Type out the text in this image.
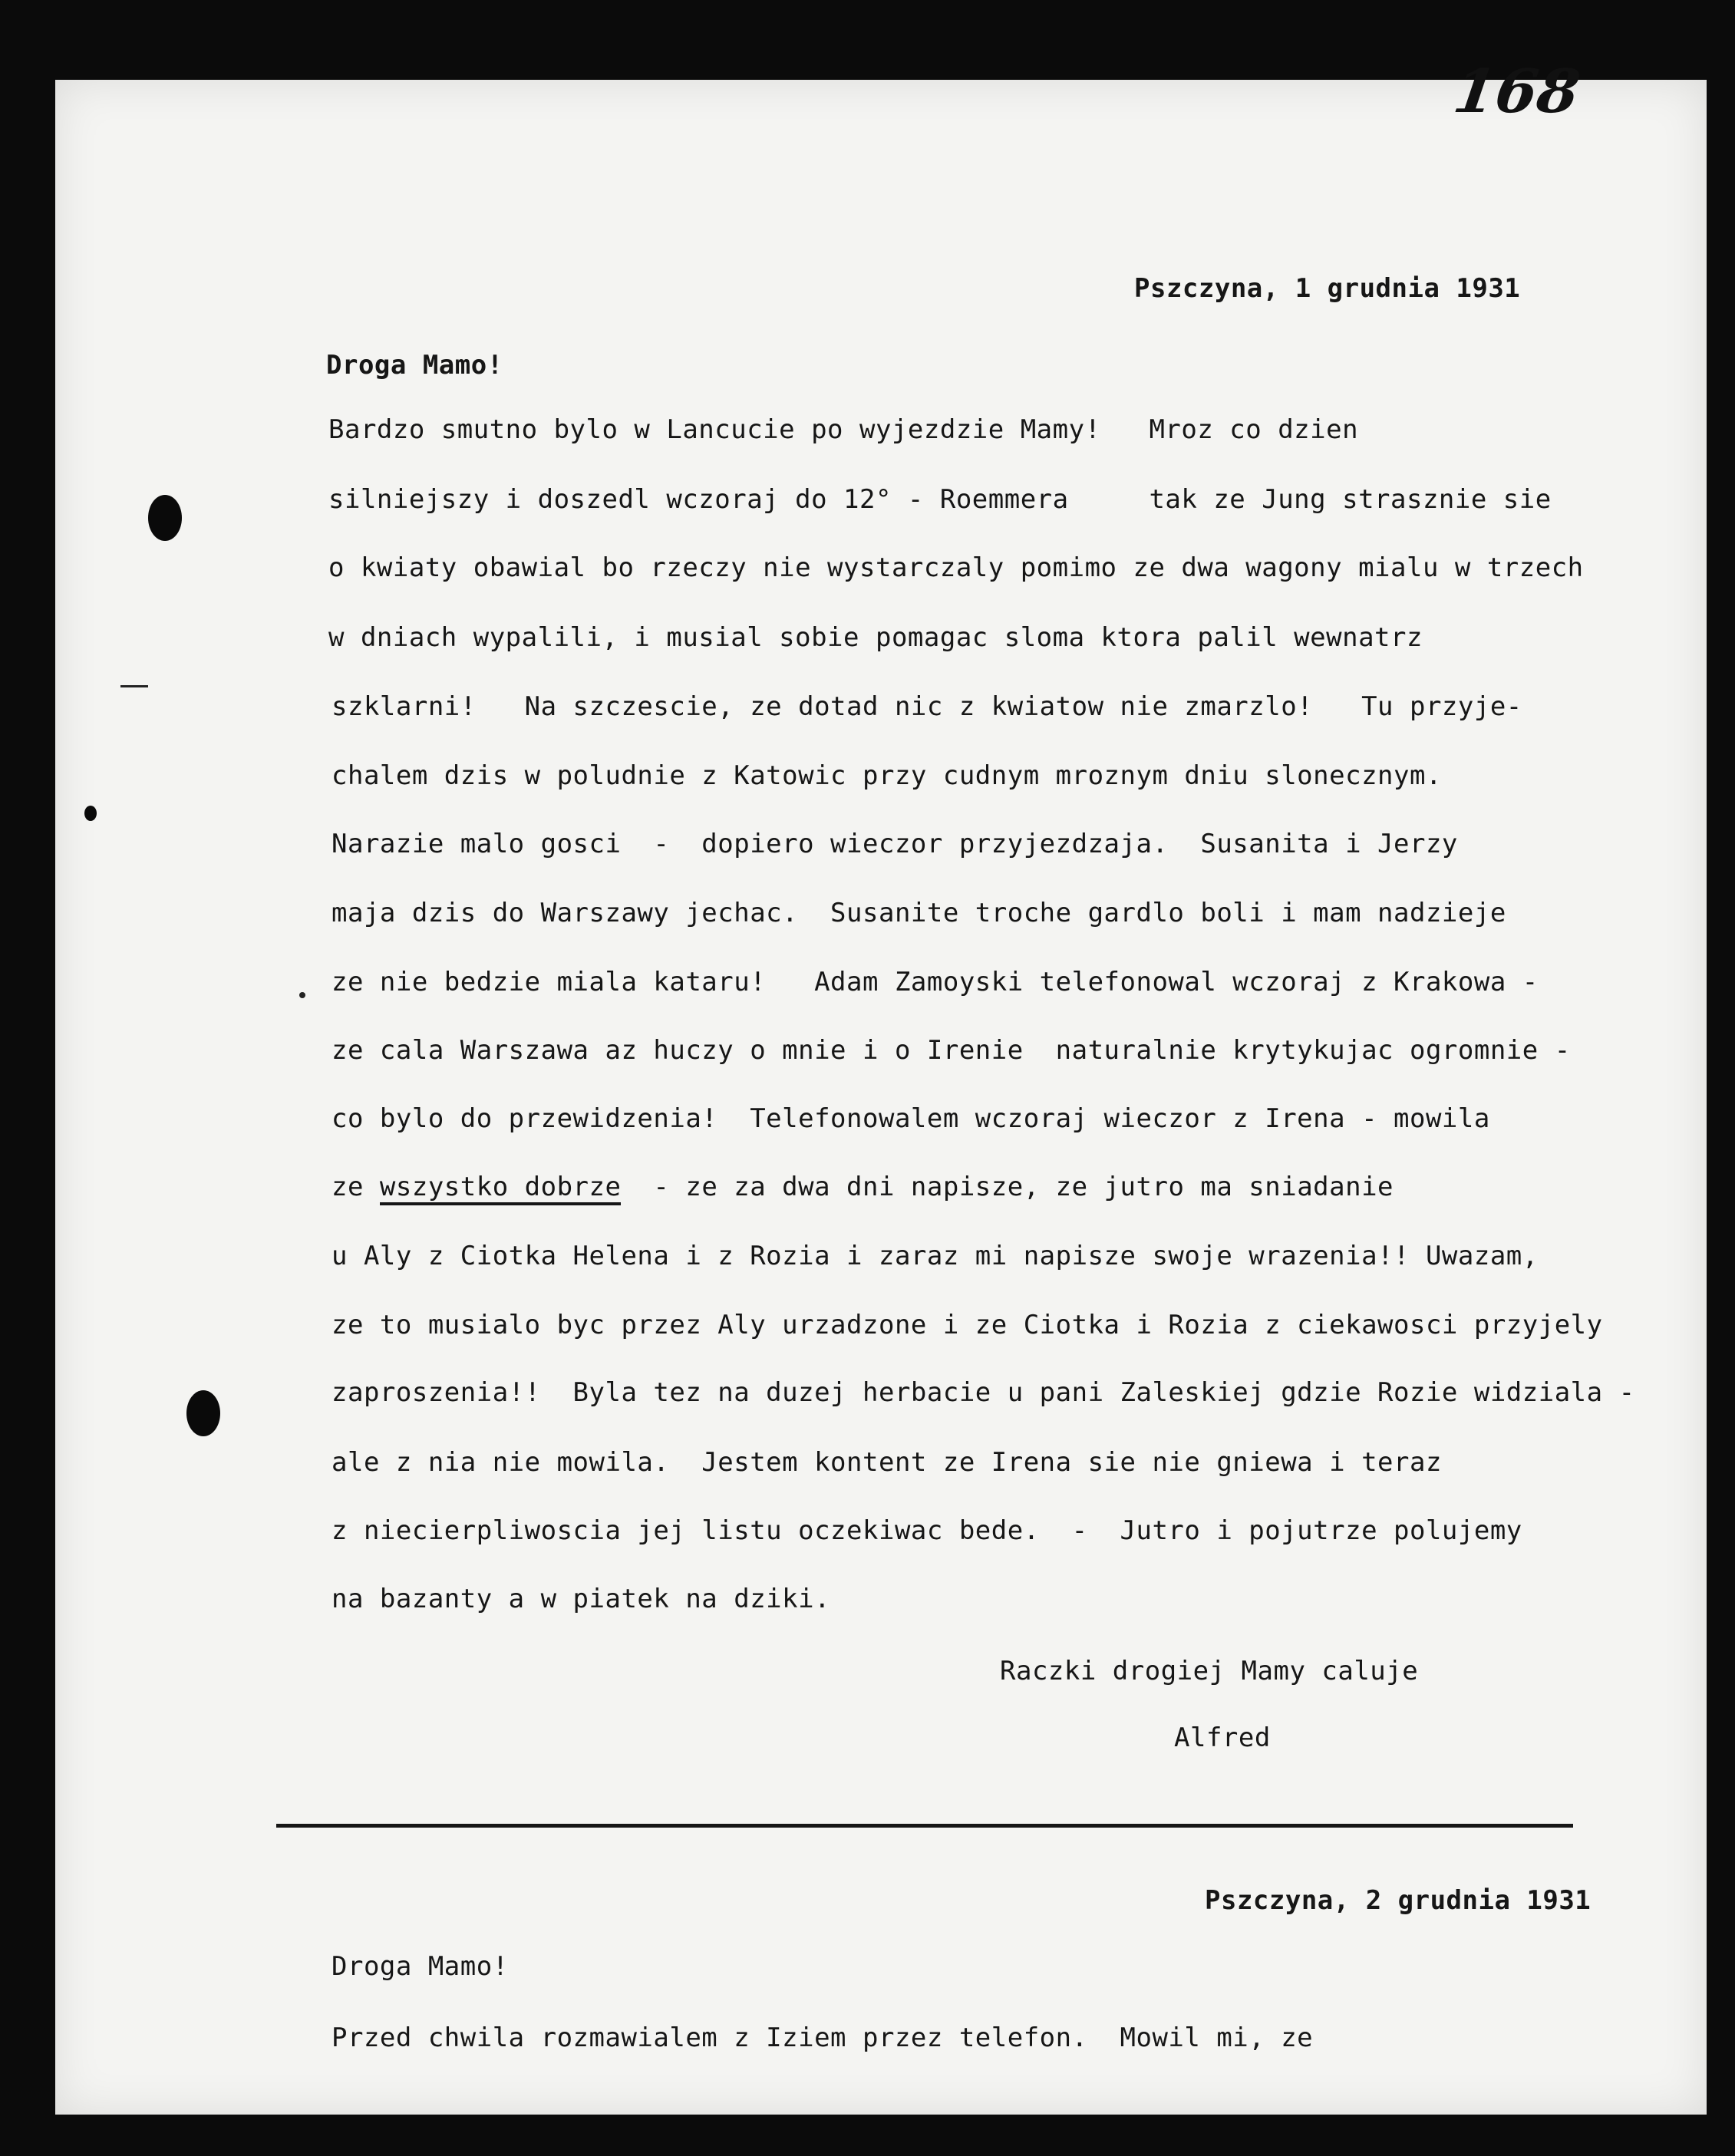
168
Pszczyna, 1 grudnia 1931
Droga Mamo!
Bardzo smutno bylo w Lancucie po wyjezdzie Mamy!   Mroz co dzien
silniejszy i doszedl wczoraj do 12° - Roemmera     tak ze Jung strasznie sie
o kwiaty obawial bo rzeczy nie wystarczaly pomimo ze dwa wagony mialu w trzech
w dniach wypalili, i musial sobie pomagac sloma ktora palil wewnatrz
szklarni!   Na szczescie, ze dotad nic z kwiatow nie zmarzlo!   Tu przyje-
chalem dzis w poludnie z Katowic przy cudnym mroznym dniu slonecznym.
Narazie malo gosci  -  dopiero wieczor przyjezdzaja.  Susanita i Jerzy
maja dzis do Warszawy jechac.  Susanite troche gardlo boli i mam nadzieje
ze nie bedzie miala kataru!   Adam Zamoyski telefonowal wczoraj z Krakowa -
ze cala Warszawa az huczy o mnie i o Irenie  naturalnie krytykujac ogromnie -
co bylo do przewidzenia!  Telefonowalem wczoraj wieczor z Irena - mowila
ze wszystko dobrze  - ze za dwa dni napisze, ze jutro ma sniadanie
u Aly z Ciotka Helena i z Rozia i zaraz mi napisze swoje wrazenia!! Uwazam,
ze to musialo byc przez Aly urzadzone i ze Ciotka i Rozia z ciekawosci przyjely
zaproszenia!!  Byla tez na duzej herbacie u pani Zaleskiej gdzie Rozie widziala -
ale z nia nie mowila.  Jestem kontent ze Irena sie nie gniewa i teraz
z niecierpliwoscia jej listu oczekiwac bede.  -  Jutro i pojutrze polujemy
na bazanty a w piatek na dziki.
Raczki drogiej Mamy caluje
Alfred
Pszczyna, 2 grudnia 1931
Droga Mamo!
Przed chwila rozmawialem z Iziem przez telefon.  Mowil mi, ze
